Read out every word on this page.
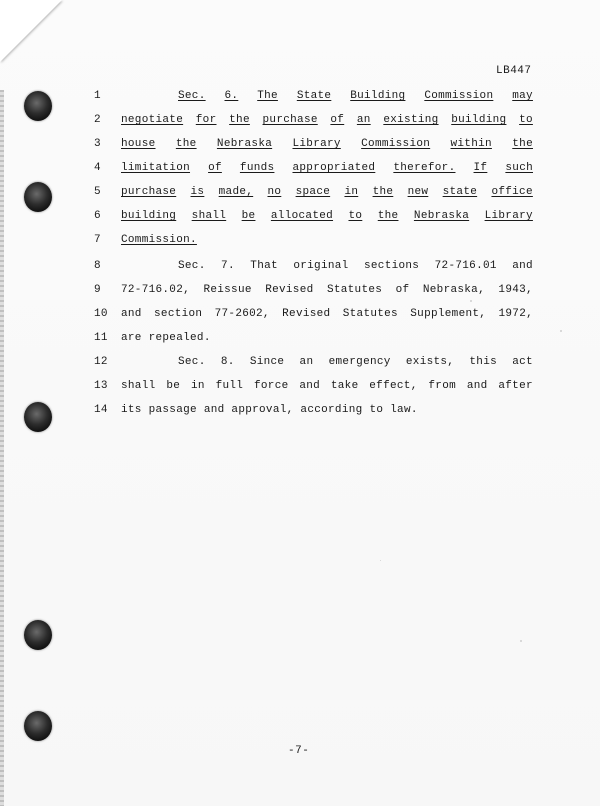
LB447
1	Sec. 6. The State Building Commission may
2	negotiate for the purchase of an existing building to
3	house the Nebraska Library Commission within the
4	limitation of funds appropriated therefor. If such
5	purchase is made, no space in the new state office
6	building shall be allocated to the Nebraska Library
7	Commission.
8	Sec. 7. That original sections 72-716.01 and
9	72-716.02, Reissue Revised Statutes of Nebraska, 1943,
10	and section 77-2602, Revised Statutes Supplement, 1972,
11	are repealed.
12	Sec. 8. Since an emergency exists, this act
13	shall be in full force and take effect, from and after
14	its passage and approval, according to law.
-7-
